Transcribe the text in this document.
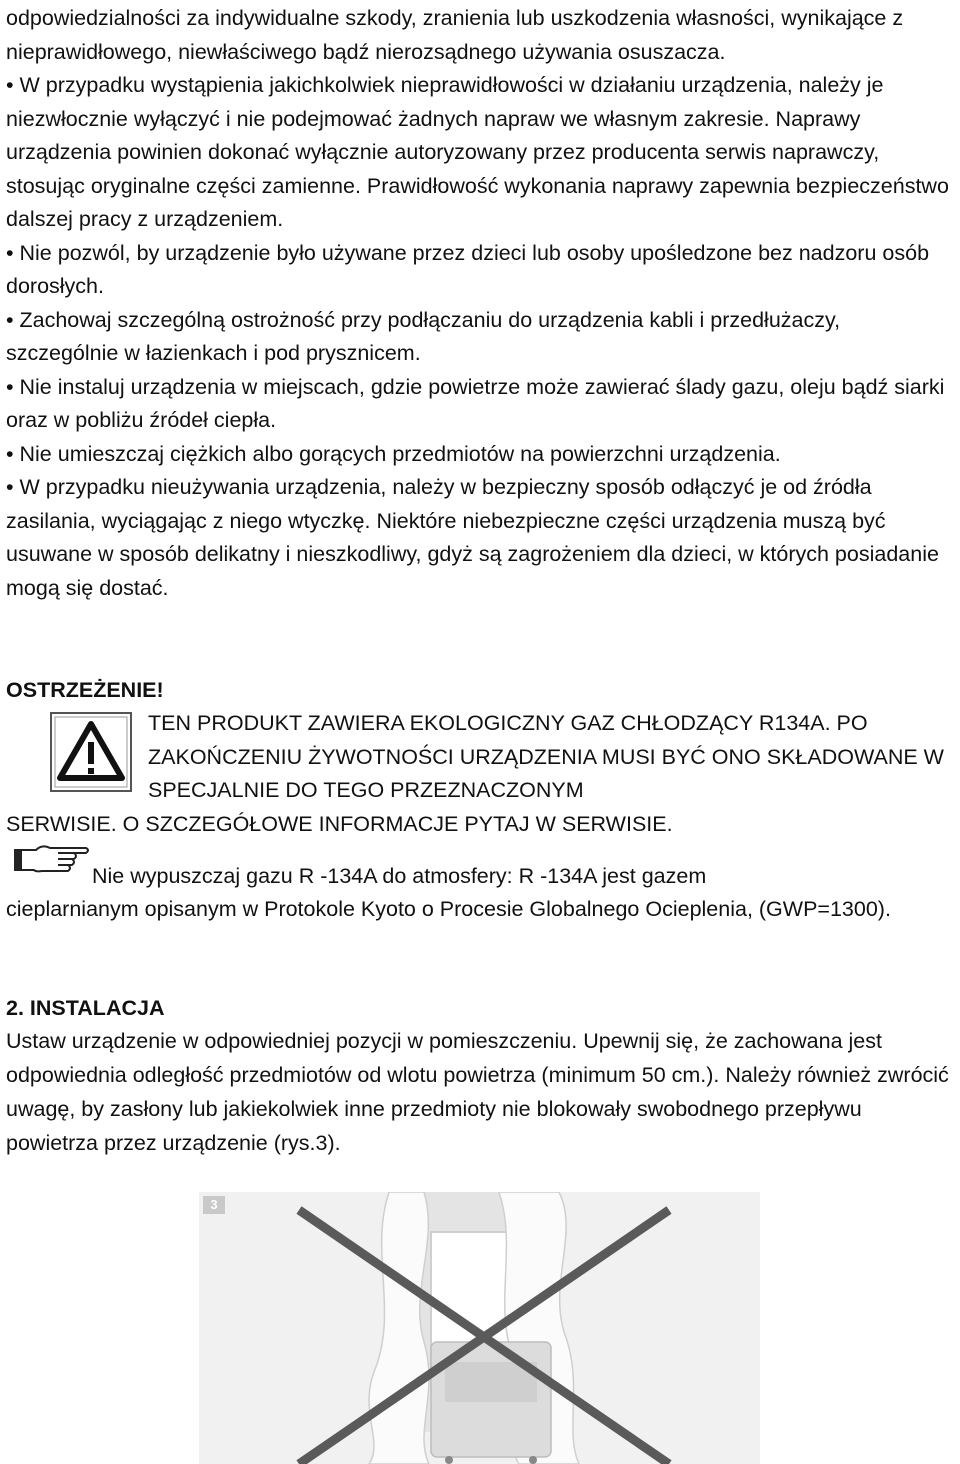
odpowiedzialności za indywidualne szkody, zranienia lub uszkodzenia własności, wynikające z nieprawidłowego, niewłaściwego bądź nierozsądnego używania osuszacza.

• W przypadku wystąpienia jakichkolwiek nieprawidłowości w działaniu urządzenia, należy je niezwłocznie wyłączyć i nie podejmować żadnych napraw we własnym zakresie. Naprawy urządzenia powinien dokonać wyłącznie autoryzowany przez producenta serwis naprawczy, stosując oryginalne części zamienne. Prawidłowość wykonania naprawy zapewnia bezpieczeństwo dalszej pracy z urządzeniem.

• Nie pozwól, by urządzenie było używane przez dzieci lub osoby upośledzone bez nadzoru osób dorosłych.

• Zachowaj szczególną ostrożność przy podłączaniu do urządzenia kabli i przedłużaczy, szczególnie w łazienkach i pod prysznicem.

• Nie instaluj urządzenia w miejscach, gdzie powietrze może zawierać ślady gazu, oleju bądź siarki oraz w pobliżu źródeł ciepła.

• Nie umieszczaj ciężkich albo gorących przedmiotów na powierzchni urządzenia.

• W przypadku nieużywania urządzenia, należy w bezpieczny sposób odłączyć je od źródła zasilania, wyciągając z niego wtyczkę. Niektóre niebezpieczne części urządzenia muszą być usuwane w sposób delikatny i nieszkodliwy, gdyż są zagrożeniem dla dzieci, w których posiadanie mogą się dostać.

OSTRZEŻENIE!
TEN PRODUKT ZAWIERA EKOLOGICZNY GAZ CHŁODZĄCY R134A. PO ZAKOŃCZENIU ŻYWOTNOŚCI URZĄDZENIA MUSI BYĆ ONO SKŁADOWANE W SPECJALNIE DO TEGO PRZEZNACZONYM
SERWISIE. O SZCZEGÓŁOWE INFORMACJE PYTAJ W SERWISIE.
Nie wypuszczaj gazu R -134A do atmosfery: R -134A jest gazem
cieplarnianym opisanym w Protokole Kyoto o Procesie Globalnego Ocieplenia, (GWP=1300).
2. INSTALACJA
Ustaw urządzenie w odpowiedniej pozycji w pomieszczeniu. Upewnij się, że zachowana jest odpowiednia odległość przedmiotów od wlotu powietrza (minimum 50 cm.). Należy również zwrócić uwagę, by zasłony lub jakiekolwiek inne przedmioty nie blokowały swobodnego przepływu powietrza przez urządzenie (rys.3).
3
